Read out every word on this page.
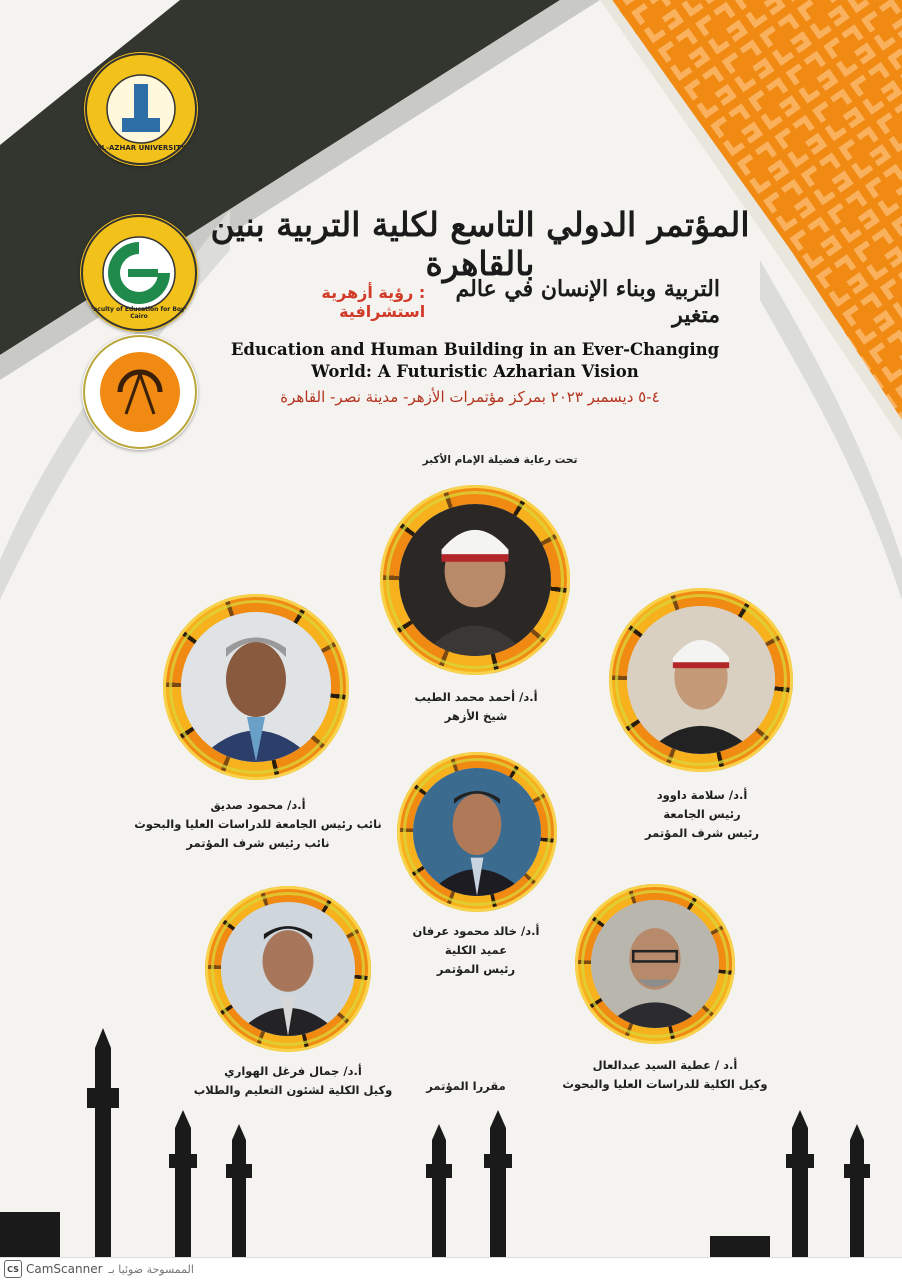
AL-AZHAR UNIVERSITY
Faculty of Education for Boys Cairo
المؤتمر الدولي التاسع لكلية التربية بنين بالقاهرة
التربية وبناء الإنسان في عالم متغير
: رؤية أزهرية استشرافية
Education and Human Building in an Ever-Changing
World: A Futuristic Azharian Vision
٤-٥ ديسمبر ٢٠٢٣ بمركز مؤتمرات الأزهر- مدينة نصر- القاهرة
تحت رعاية فضيلة الإمام الأكبر
أ.د/ أحمد محمد الطيب
شيخ الأزهر
أ.د/ محمود صديق
نائب رئيس الجامعة للدراسات العليا والبحوث
نائب رئيس شرف المؤتمر
أ.د/ سلامة داوود
رئيس الجامعة
رئيس شرف المؤتمر
أ.د/ خالد محمود عرفان
عميد الكلية
رئيس المؤتمر
أ.د/ جمال فرغل الهواري
وكيل الكلية لشئون التعليم والطلاب
أ.د / عطية السيد عبدالعال
وكيل الكلية للدراسات العليا والبحوث
مقررا المؤتمر
CS CamScanner الممسوحة ضوئيا بـ
